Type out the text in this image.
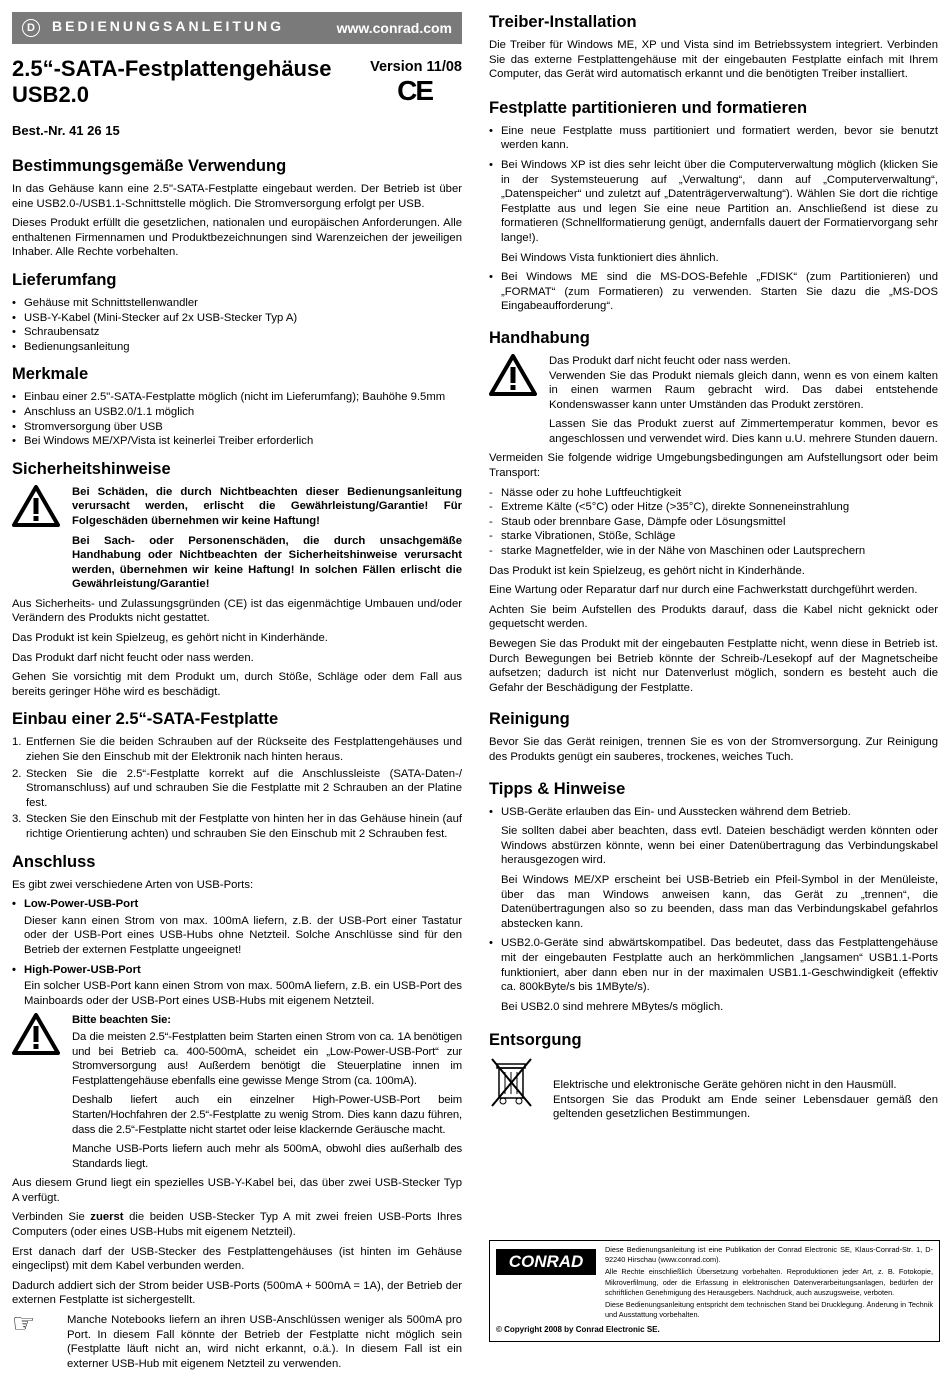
D BEDIENUNGSANLEITUNG	www.conrad.com
2.5“-SATA-Festplattengehäuse
USB2.0
Version 11/08
CE
Best.-Nr. 41 26 15
Bestimmungsgemäße Verwendung

In das Gehäuse kann eine 2.5"-SATA-Festplatte eingebaut werden. Der Betrieb ist über eine USB2.0-/USB1.1-Schnittstelle möglich. Die Stromversorgung erfolgt per USB.

Dieses Produkt erfüllt die gesetzlichen, nationalen und europäischen Anforderungen. Alle enthaltenen Firmennamen und Produktbezeichnungen sind Warenzeichen der jeweiligen Inhaber. Alle Rechte vorbehalten.

Lieferumfang
• Gehäuse mit Schnittstellenwandler
• USB-Y-Kabel (Mini-Stecker auf 2x USB-Stecker Typ A)
• Schraubensatz
• Bedienungsanleitung
Merkmale
• Einbau einer 2.5"-SATA-Festplatte möglich (nicht im Lieferumfang); Bauhöhe 9.5mm
• Anschluss an USB2.0/1.1 möglich
• Stromversorgung über USB
• Bei Windows ME/XP/Vista ist keinerlei Treiber erforderlich
Sicherheitshinweise

Bei Schäden, die durch Nichtbeachten dieser Bedienungsanleitung verursacht werden, erlischt die Gewährleistung/Garantie! Für Folgeschäden übernehmen wir keine Haftung!

Bei Sach- oder Personenschäden, die durch unsachgemäße Handhabung oder Nichtbeachten der Sicherheitshinweise verursacht werden, übernehmen wir keine Haftung! In solchen Fällen erlischt die Gewährleistung/Garantie!

Aus Sicherheits- und Zulassungsgründen (CE) ist das eigenmächtige Umbauen und/oder Verändern des Produkts nicht gestattet.

Das Produkt ist kein Spielzeug, es gehört nicht in Kinderhände.

Das Produkt darf nicht feucht oder nass werden.

Gehen Sie vorsichtig mit dem Produkt um, durch Stöße, Schläge oder dem Fall aus bereits geringer Höhe wird es beschädigt.

Einbau einer 2.5“-SATA-Festplatte
1. Entfernen Sie die beiden Schrauben auf der Rückseite des Festplattengehäuses und ziehen Sie den Einschub mit der Elektronik nach hinten heraus.
2. Stecken Sie die 2.5“-Festplatte korrekt auf die Anschlussleiste (SATA-Daten-/ Stromanschluss) auf und schrauben Sie die Festplatte mit 2 Schrauben an der Platine fest.
3. Stecken Sie den Einschub mit der Festplatte von hinten her in das Gehäuse hinein (auf richtige Orientierung achten) und schrauben Sie den Einschub mit 2 Schrauben fest.
Anschluss

Es gibt zwei verschiedene Arten von USB-Ports:

• Low-Power-USB-Port

Dieser kann einen Strom von max. 100mA liefern, z.B. der USB-Port einer Tastatur oder der USB-Port eines USB-Hubs ohne Netzteil. Solche Anschlüsse sind für den Betrieb der externen Festplatte ungeeignet!

• High-Power-USB-Port

Ein solcher USB-Port kann einen Strom von max. 500mA liefern, z.B. ein USB-Port des Mainboards oder der USB-Port eines USB-Hubs mit eigenem Netzteil.

Bitte beachten Sie:

Da die meisten 2.5“-Festplatten beim Starten einen Strom von ca. 1A benötigen und bei Betrieb ca. 400-500mA, scheidet ein „Low-Power-USB-Port“ zur Stromversorgung aus! Außerdem benötigt die Steuerplatine innen im Festplattengehäuse ebenfalls eine gewisse Menge Strom (ca. 100mA).

Deshalb liefert auch ein einzelner High-Power-USB-Port beim Starten/Hochfahren der 2.5“-Festplatte zu wenig Strom. Dies kann dazu führen, dass die 2.5“-Festplatte nicht startet oder leise klackernde Geräusche macht.

Manche USB-Ports liefern auch mehr als 500mA, obwohl dies außerhalb des Standards liegt.

Aus diesem Grund liegt ein spezielles USB-Y-Kabel bei, das über zwei USB-Stecker Typ A verfügt.

Verbinden Sie zuerst die beiden USB-Stecker Typ A mit zwei freien USB-Ports Ihres Computers (oder eines USB-Hubs mit eigenem Netzteil).

Erst danach darf der USB-Stecker des Festplattengehäuses (ist hinten im Gehäuse eingeclipst) mit dem Kabel verbunden werden.

Dadurch addiert sich der Strom beider USB-Ports (500mA + 500mA = 1A), der Betrieb der externen Festplatte ist sichergestellt.

☞	Manche Notebooks liefern an ihren USB-Anschlüssen weniger als 500mA pro Port. In diesem Fall könnte der Betrieb der Festplatte nicht möglich sein (Festplatte läuft nicht an, wird nicht erkannt, o.ä.). In diesem Fall ist ein externer USB-Hub mit eigenem Netzteil zu verwenden.

Treiber-Installation

Die Treiber für Windows ME, XP und Vista sind im Betriebssystem integriert. Verbinden Sie das externe Festplattengehäuse mit der eingebauten Festplatte einfach mit Ihrem Computer, das Gerät wird automatisch erkannt und die benötigten Treiber installiert.

Festplatte partitionieren und formatieren

• Eine neue Festplatte muss partitioniert und formatiert werden, bevor sie benutzt werden kann.

• Bei Windows XP ist dies sehr leicht über die Computerverwaltung möglich (klicken Sie in der Systemsteuerung auf „Verwaltung“, dann auf „Computerverwaltung“, „Datenspeicher“ und zuletzt auf „Datenträgerverwaltung“). Wählen Sie dort die richtige Festplatte aus und legen Sie eine neue Partition an. Anschließend ist diese zu formatieren (Schnellformatierung genügt, andernfalls dauert der Formatiervorgang sehr lange!).

Bei Windows Vista funktioniert dies ähnlich.

• Bei Windows ME sind die MS-DOS-Befehle „FDISK“ (zum Partitionieren) und „FORMAT“ (zum Formatieren) zu verwenden. Starten Sie dazu die „MS-DOS Eingabeaufforderung“.

Handhabung

Das Produkt darf nicht feucht oder nass werden.

Verwenden Sie das Produkt niemals gleich dann, wenn es von einem kalten in einen warmen Raum gebracht wird. Das dabei entstehende Kondenswasser kann unter Umständen das Produkt zerstören.

Lassen Sie das Produkt zuerst auf Zimmertemperatur kommen, bevor es angeschlossen und verwendet wird. Dies kann u.U. mehrere Stunden dauern.

Vermeiden Sie folgende widrige Umgebungsbedingungen am Aufstellungsort oder beim Transport:

- Nässe oder zu hohe Luftfeuchtigkeit
- Extreme Kälte (<5°C) oder Hitze (>35°C), direkte Sonneneinstrahlung
- Staub oder brennbare Gase, Dämpfe oder Lösungsmittel
- starke Vibrationen, Stöße, Schläge
- starke Magnetfelder, wie in der Nähe von Maschinen oder Lautsprechern

Das Produkt ist kein Spielzeug, es gehört nicht in Kinderhände.

Eine Wartung oder Reparatur darf nur durch eine Fachwerkstatt durchgeführt werden.

Achten Sie beim Aufstellen des Produkts darauf, dass die Kabel nicht geknickt oder gequetscht werden.

Bewegen Sie das Produkt mit der eingebauten Festplatte nicht, wenn diese in Betrieb ist. Durch Bewegungen bei Betrieb könnte der Schreib-/Lesekopf auf der Magnetscheibe aufsetzen; dadurch ist nicht nur Datenverlust möglich, sondern es besteht auch die Gefahr der Beschädigung der Festplatte.

Reinigung

Bevor Sie das Gerät reinigen, trennen Sie es von der Stromversorgung. Zur Reinigung des Produkts genügt ein sauberes, trockenes, weiches Tuch.

Tipps & Hinweise

• USB-Geräte erlauben das Ein- und Ausstecken während dem Betrieb.

Sie sollten dabei aber beachten, dass evtl. Dateien beschädigt werden könnten oder Windows abstürzen könnte, wenn bei einer Datenübertragung das Verbindungskabel herausgezogen wird.

Bei Windows ME/XP erscheint bei USB-Betrieb ein Pfeil-Symbol in der Menüleiste, über das man Windows anweisen kann, das Gerät zu „trennen“, die Datenübertragungen also so zu beenden, dass man das Verbindungskabel gefahrlos abstecken kann.

• USB2.0-Geräte sind abwärtskompatibel. Das bedeutet, dass das Festplattengehäuse mit der eingebauten Festplatte auch an herkömmlichen „langsamen“ USB1.1-Ports funktioniert, aber dann eben nur in der maximalen USB1.1-Geschwindigkeit (effektiv ca. 800kByte/s bis 1MByte/s).

Bei USB2.0 sind mehrere MBytes/s möglich.

Entsorgung

Elektrische und elektronische Geräte gehören nicht in den Hausmüll.

Entsorgen Sie das Produkt am Ende seiner Lebensdauer gemäß den geltenden gesetzlichen Bestimmungen.

CONRAD

Diese Bedienungsanleitung ist eine Publikation der Conrad Electronic SE, Klaus-Conrad-Str. 1, D-92240 Hirschau (www.conrad.com).

Alle Rechte einschließlich Übersetzung vorbehalten. Reproduktionen jeder Art, z. B. Fotokopie, Mikroverfilmung, oder die Erfassung in elektronischen Datenverarbeitungsanlagen, bedürfen der schriftlichen Genehmigung des Herausgebers. Nachdruck, auch auszugsweise, verboten.

Diese Bedienungsanleitung entspricht dem technischen Stand bei Drucklegung. Änderung in Technik und Ausstattung vorbehalten.

© Copyright 2008 by Conrad Electronic SE.
